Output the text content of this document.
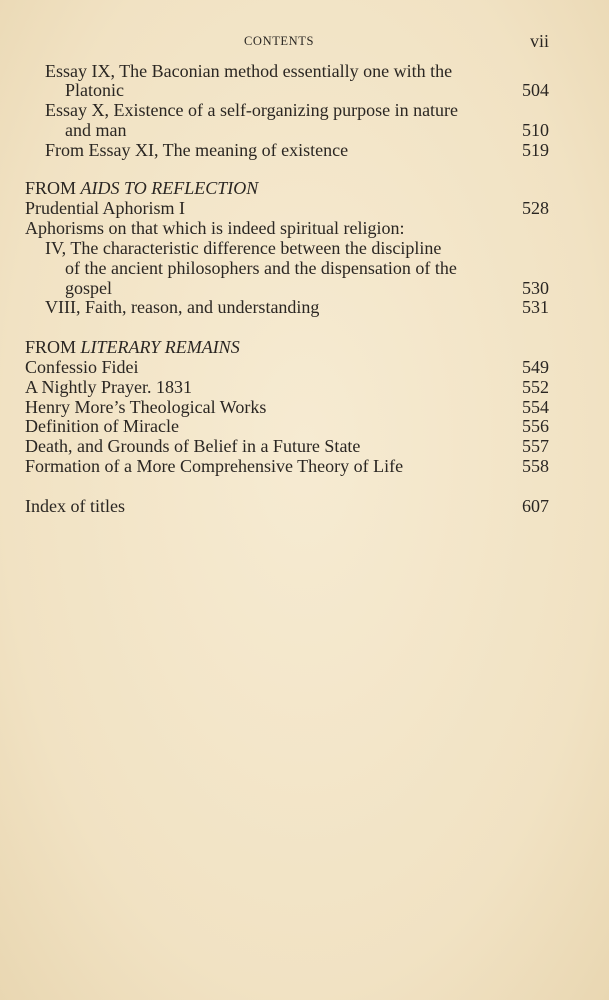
CONTENTS	vii
Essay IX, The Baconian method essentially one with the
Platonic	504
Essay X, Existence of a self-organizing purpose in nature
and man	510
From Essay XI, The meaning of existence	519
FROM AIDS TO REFLECTION
Prudential Aphorism I	528
Aphorisms on that which is indeed spiritual religion:
IV, The characteristic difference between the discipline
of the ancient philosophers and the dispensation of the
gospel	530
VIII, Faith, reason, and understanding	531
FROM LITERARY REMAINS
Confessio Fidei	549
A Nightly Prayer. 1831	552
Henry More’s Theological Works	554
Definition of Miracle	556
Death, and Grounds of Belief in a Future State	557
Formation of a More Comprehensive Theory of Life	558
Index of titles	607
